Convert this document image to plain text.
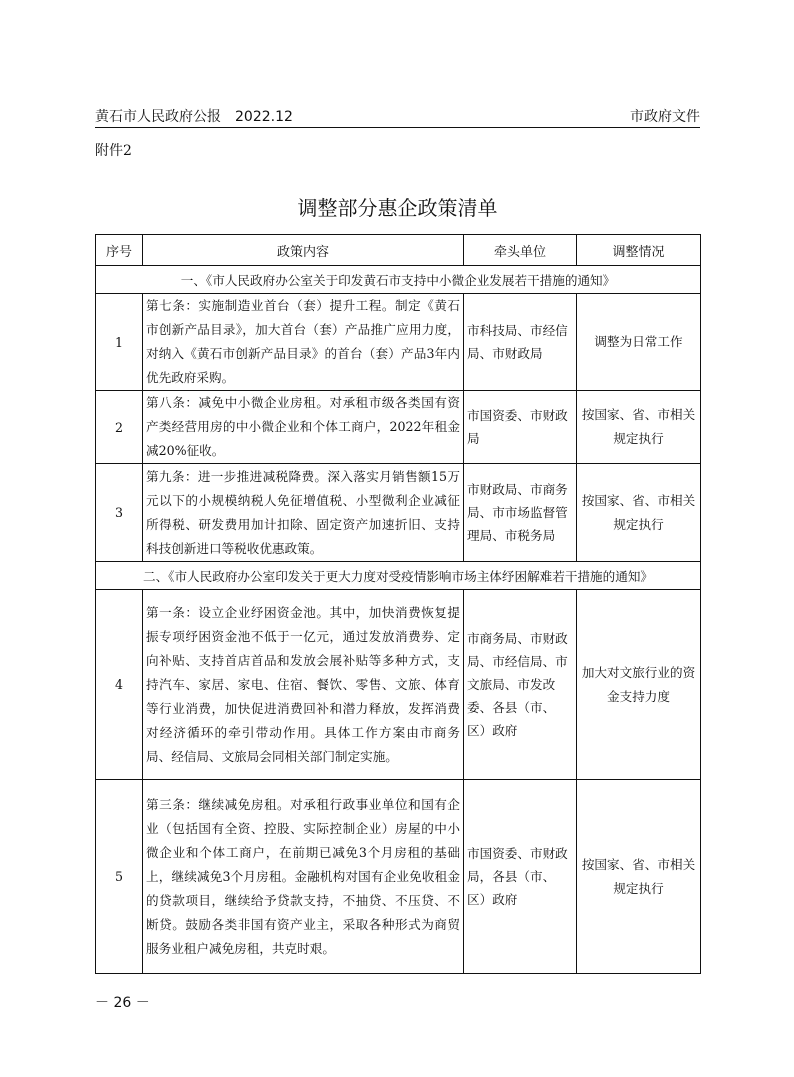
黄石市人民政府公报　2022.12	市政府文件
附件2
调整部分惠企政策清单
序号	政策内容	牵头单位	调整情况
一、《市人民政府办公室关于印发黄石市支持中小微企业发展若干措施的通知》			
1	第七条：实施制造业首台（套）提升工程。制定《黄石市创新产品目录》，加大首台（套）产品推广应用力度，对纳入《黄石市创新产品目录》的首台（套）产品3年内优先政府采购。	市科技局、市经信局、市财政局	调整为日常工作
2	第八条：减免中小微企业房租。对承租市级各类国有资产类经营用房的中小微企业和个体工商户，2022年租金减20%征收。	市国资委、市财政局	按国家、省、市相关规定执行
3	第九条：进一步推进减税降费。深入落实月销售额15万元以下的小规模纳税人免征增值税、小型微利企业减征所得税、研发费用加计扣除、固定资产加速折旧、支持科技创新进口等税收优惠政策。	市财政局、市商务局、市市场监督管理局、市税务局	按国家、省、市相关规定执行
二、《市人民政府办公室印发关于更大力度对受疫情影响市场主体纾困解难若干措施的通知》			
4	第一条：设立企业纾困资金池。其中，加快消费恢复提振专项纾困资金池不低于一亿元，通过发放消费券、定向补贴、支持首店首品和发放会展补贴等多种方式，支持汽车、家居、家电、住宿、餐饮、零售、文旅、体育等行业消费，加快促进消费回补和潜力释放，发挥消费对经济循环的牵引带动作用。具体工作方案由市商务局、经信局、文旅局会同相关部门制定实施。	市商务局、市财政局、市经信局、市文旅局、市发改委、各县（市、区）政府	加大对文旅行业的资金支持力度
5	第三条：继续减免房租。对承租行政事业单位和国有企业（包括国有全资、控股、实际控制企业）房屋的中小微企业和个体工商户，在前期已减免3个月房租的基础上，继续减免3个月房租。金融机构对国有企业免收租金的贷款项目，继续给予贷款支持，不抽贷、不压贷、不断贷。鼓励各类非国有资产业主，采取各种形式为商贸服务业租户减免房租，共克时艰。	市国资委、市财政局，各县（市、区）政府	按国家、省、市相关规定执行
－ 26 －
